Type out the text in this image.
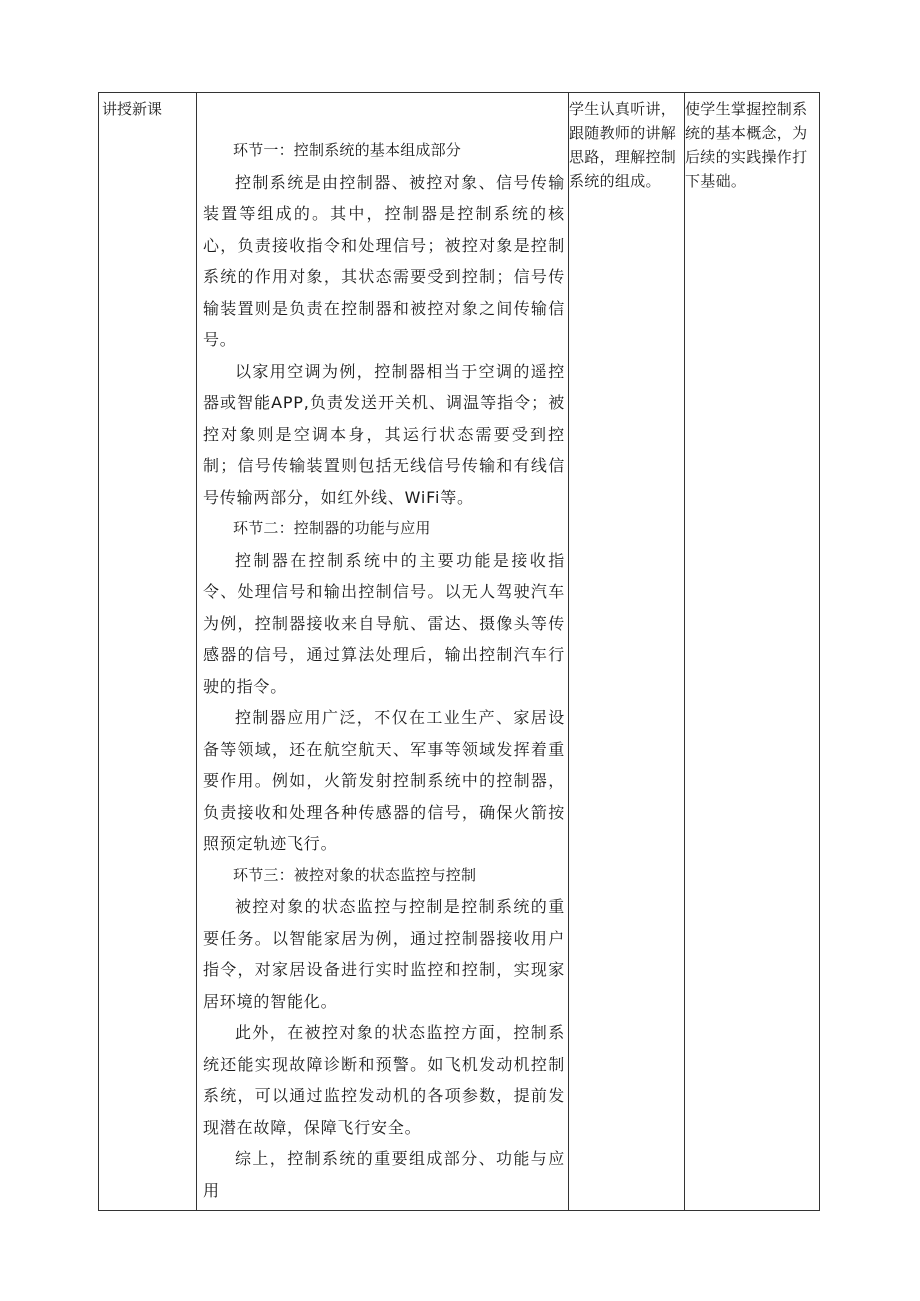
讲授新课

环节一：控制系统的基本组成部分

控制系统是由控制器、被控对象、信号传输装置等组成的。其中，控制器是控制系统的核心，负责接收指令和处理信号；被控对象是控制系统的作用对象，其状态需要受到控制；信号传输装置则是负责在控制器和被控对象之间传输信号。

以家用空调为例，控制器相当于空调的遥控器或智能APP,负责发送开关机、调温等指令；被控对象则是空调本身，其运行状态需要受到控制；信号传输装置则包括无线信号传输和有线信号传输两部分，如红外线、WiFi等。

环节二：控制器的功能与应用

控制器在控制系统中的主要功能是接收指令、处理信号和输出控制信号。以无人驾驶汽车为例，控制器接收来自导航、雷达、摄像头等传感器的信号，通过算法处理后，输出控制汽车行驶的指令。

控制器应用广泛，不仅在工业生产、家居设备等领域，还在航空航天、军事等领域发挥着重要作用。例如，火箭发射控制系统中的控制器，负责接收和处理各种传感器的信号，确保火箭按照预定轨迹飞行。

环节三：被控对象的状态监控与控制

被控对象的状态监控与控制是控制系统的重要任务。以智能家居为例，通过控制器接收用户指令，对家居设备进行实时监控和控制，实现家居环境的智能化。

此外，在被控对象的状态监控方面，控制系统还能实现故障诊断和预警。如飞机发动机控制系统，可以通过监控发动机的各项参数，提前发现潜在故障，保障飞行安全。

综上，控制系统的重要组成部分、功能与应用

学生认真听讲，跟随教师的讲解思路，理解控制系统的组成。

使学生掌握控制系统的基本概念，为后续的实践操作打下基础。
